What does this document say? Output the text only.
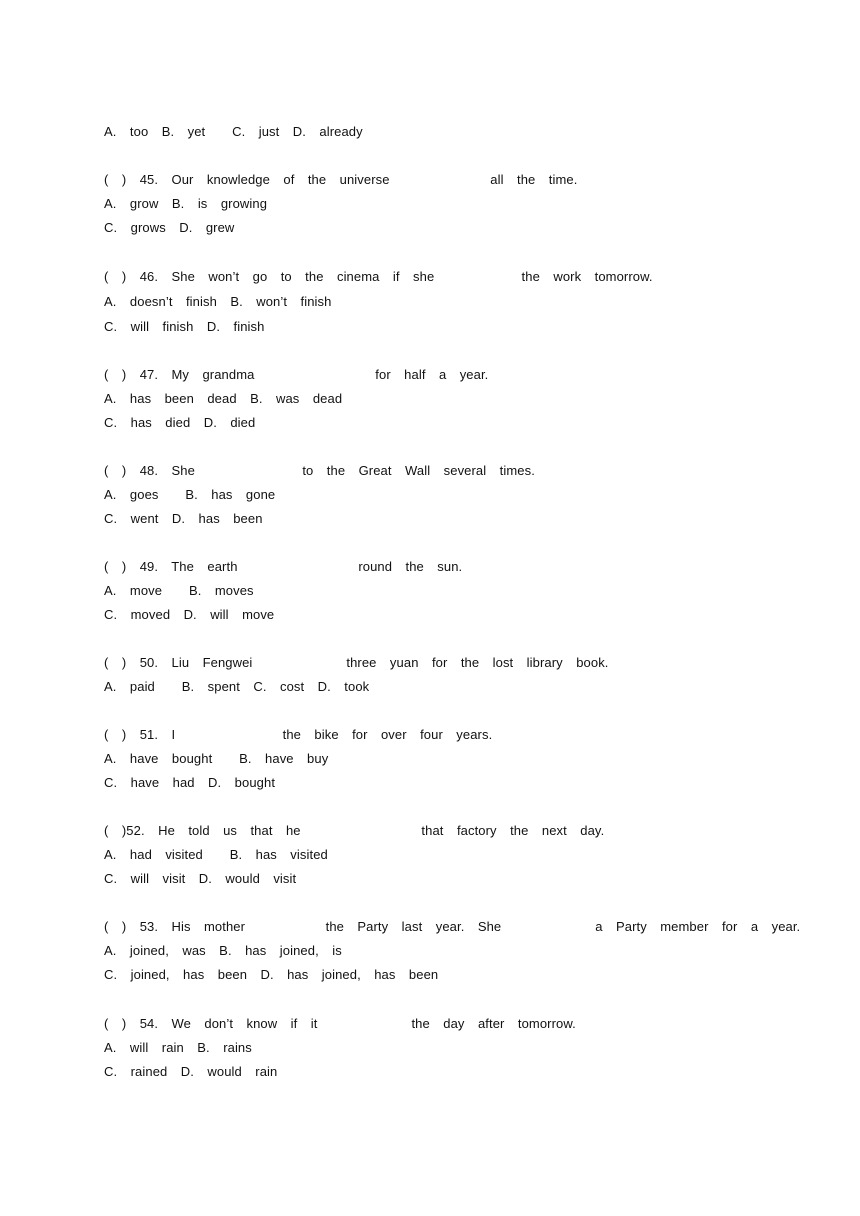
A.  too  B.  yet    C.  just  D.  already
(  )  45.  Our  knowledge  of  the  universe               all  the  time.
A.  grow  B.  is  growing
C.  grows  D.  grew
(  )  46.  She  won’t  go  to  the  cinema  if  she             the  work  tomorrow.
A.  doesn’t  finish  B.  won’t  finish
C.  will  finish  D.  finish
(  )  47.  My  grandma                  for  half  a  year.
A.  has  been  dead  B.  was  dead
C.  has  died  D.  died
(  )  48.  She                to  the  Great  Wall  several  times.
A.  goes    B.  has  gone
C.  went  D.  has  been
(  )  49.  The  earth                  round  the  sun.
A.  move    B.  moves
C.  moved  D.  will  move
(  )  50.  Liu  Fengwei              three  yuan  for  the  lost  library  book.
A.  paid    B.  spent  C.  cost  D.  took
(  )  51.  I                the  bike  for  over  four  years.
A.  have  bought    B.  have  buy
C.  have  had  D.  bought
(  )52.  He  told  us  that  he                  that  factory  the  next  day.
A.  had  visited    B.  has  visited
C.  will  visit  D.  would  visit
(  )  53.  His  mother            the  Party  last  year.  She              a  Party  member  for  a  year.
A.  joined,  was  B.  has  joined,  is
C.  joined,  has  been  D.  has  joined,  has  been
(  )  54.  We  don’t  know  if  it              the  day  after  tomorrow.
A.  will  rain  B.  rains
C.  rained  D.  would  rain
